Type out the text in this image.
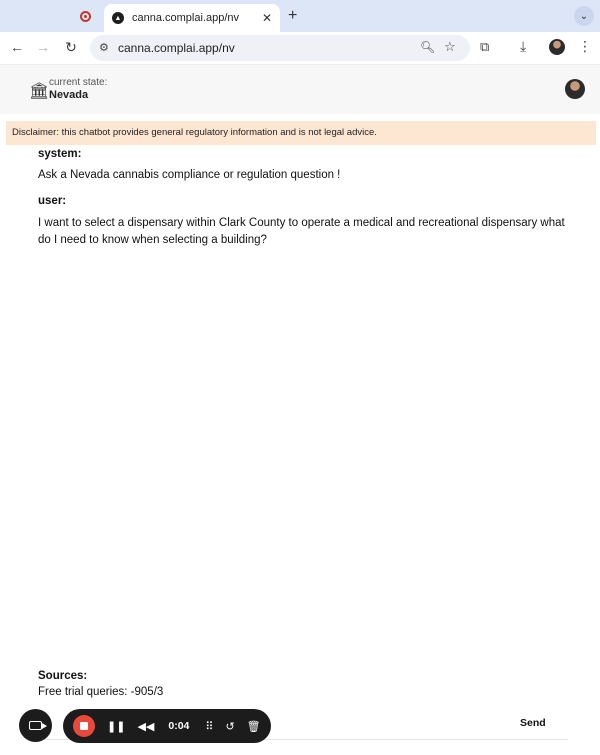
▲ canna.complai.app/nv	✕ +	⌄
← → ↻ ⚙ canna.complai.app/nv	🔍︎ ☆ ⧉ ⤓	⋮
🏛
current state:
Nevada
Disclaimer: this chatbot provides general regulatory information and is not legal advice.
system:
Ask a Nevada cannabis compliance or regulation question !
user:
I want to select a dispensary within Clark County to operate a medical and recreational dispensary what do I need to know when selecting a building?
Sources:
Free trial queries: -905/3
Send
❚❚ ◀◀ 0:04 ⠿ ↺ 🗑
